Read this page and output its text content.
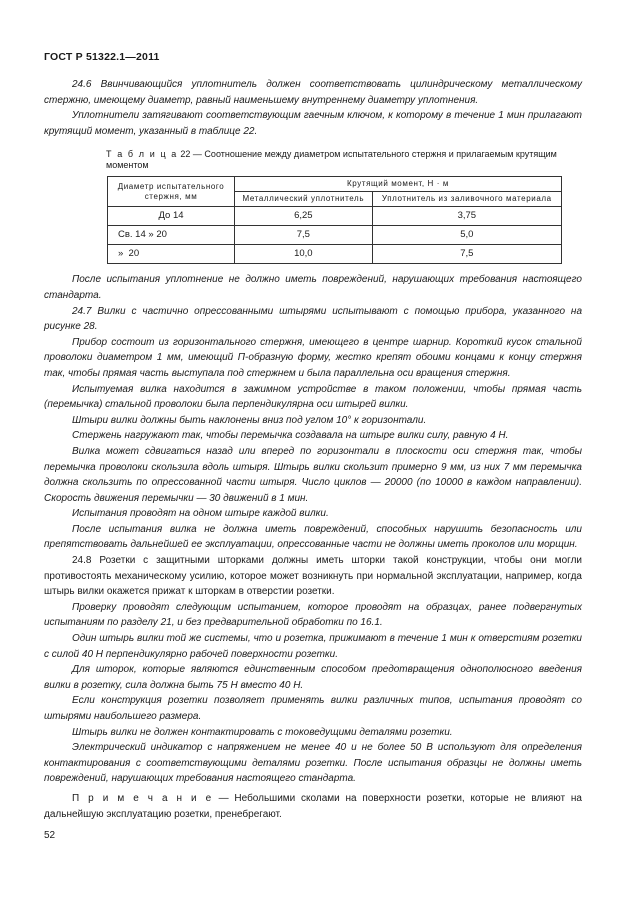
ГОСТ Р 51322.1—2011

24.6 Ввинчивающийся уплотнитель должен соответствовать цилиндрическому металлическому стержню, имеющему диаметр, равный наименьшему внутреннему диаметру уплотнения.

Уплотнители затягивают соответствующим гаечным ключом, к которому в течение 1 мин прилагают крутящий момент, указанный в таблице 22.

Т а б л и ц а 22 — Соотношение между диаметром испытательного стержня и прилагаемым крутящим моментом

Диаметр испытательного стержня, мм	Крутящий момент, Н · м	
	Металлический уплотнитель	Уплотнитель из заливочного материала
До 14	6,25	3,75
Св. 14 » 20	7,5	5,0
»  20	10,0	7,5

После испытания уплотнение не должно иметь повреждений, нарушающих требования настоящего стандарта.

24.7 Вилки с частично опрессованными штырями испытывают с помощью прибора, указанного на рисунке 28.

Прибор состоит из горизонтального стержня, имеющего в центре шарнир. Короткий кусок стальной проволоки диаметром 1 мм, имеющий П-образную форму, жестко крепят обоими концами к концу стержня так, чтобы прямая часть выступала под стержнем и была параллельна оси вращения стержня.

Испытуемая вилка находится в зажимном устройстве в таком положении, чтобы прямая часть (перемычка) стальной проволоки была перпендикулярна оси штырей вилки.

Штыри вилки должны быть наклонены вниз под углом 10° к горизонтали.

Стержень нагружают так, чтобы перемычка создавала на штыре вилки силу, равную 4 Н.

Вилка может сдвигаться назад или вперед по горизонтали в плоскости оси стержня так, чтобы перемычка проволоки скользила вдоль штыря. Штырь вилки скользит примерно 9 мм, из них 7 мм перемычка должна скользить по опрессованной части штыря. Число циклов — 20000 (по 10000 в каждом направлении). Скорость движения перемычки — 30 движений в 1 мин.

Испытания проводят на одном штыре каждой вилки.

После испытания вилка не должна иметь повреждений, способных нарушить безопасность или препятствовать дальнейшей ее эксплуатации, опрессованные части не должны иметь проколов или морщин.

24.8 Розетки с защитными шторками должны иметь шторки такой конструкции, чтобы они могли противостоять механическому усилию, которое может возникнуть при нормальной эксплуатации, например, когда штырь вилки окажется прижат к шторкам в отверстии розетки.

Проверку проводят следующим испытанием, которое проводят на образцах, ранее подвергнутых испытаниям по разделу 21, и без предварительной обработки по 16.1.

Один штырь вилки той же системы, что и розетка, прижимают в течение 1 мин к отверстиям розетки с силой 40 Н перпендикулярно рабочей поверхности розетки.

Для шторок, которые являются единственным способом предотвращения однополюсного введения вилки в розетку, сила должна быть 75 Н вместо 40 Н.

Если конструкция розетки позволяет применять вилки различных типов, испытания проводят со штырями наибольшего размера.

Штырь вилки не должен контактировать с токоведущими деталями розетки.

Электрический индикатор с напряжением не менее 40 и не более 50 В используют для определения контактирования с соответствующими деталями розетки. После испытания образцы не должны иметь повреждений, нарушающих требования настоящего стандарта.

П р и м е ч а н и е — Небольшими сколами на поверхности розетки, которые не влияют на дальнейшую эксплуатацию розетки, пренебрегают.

52
